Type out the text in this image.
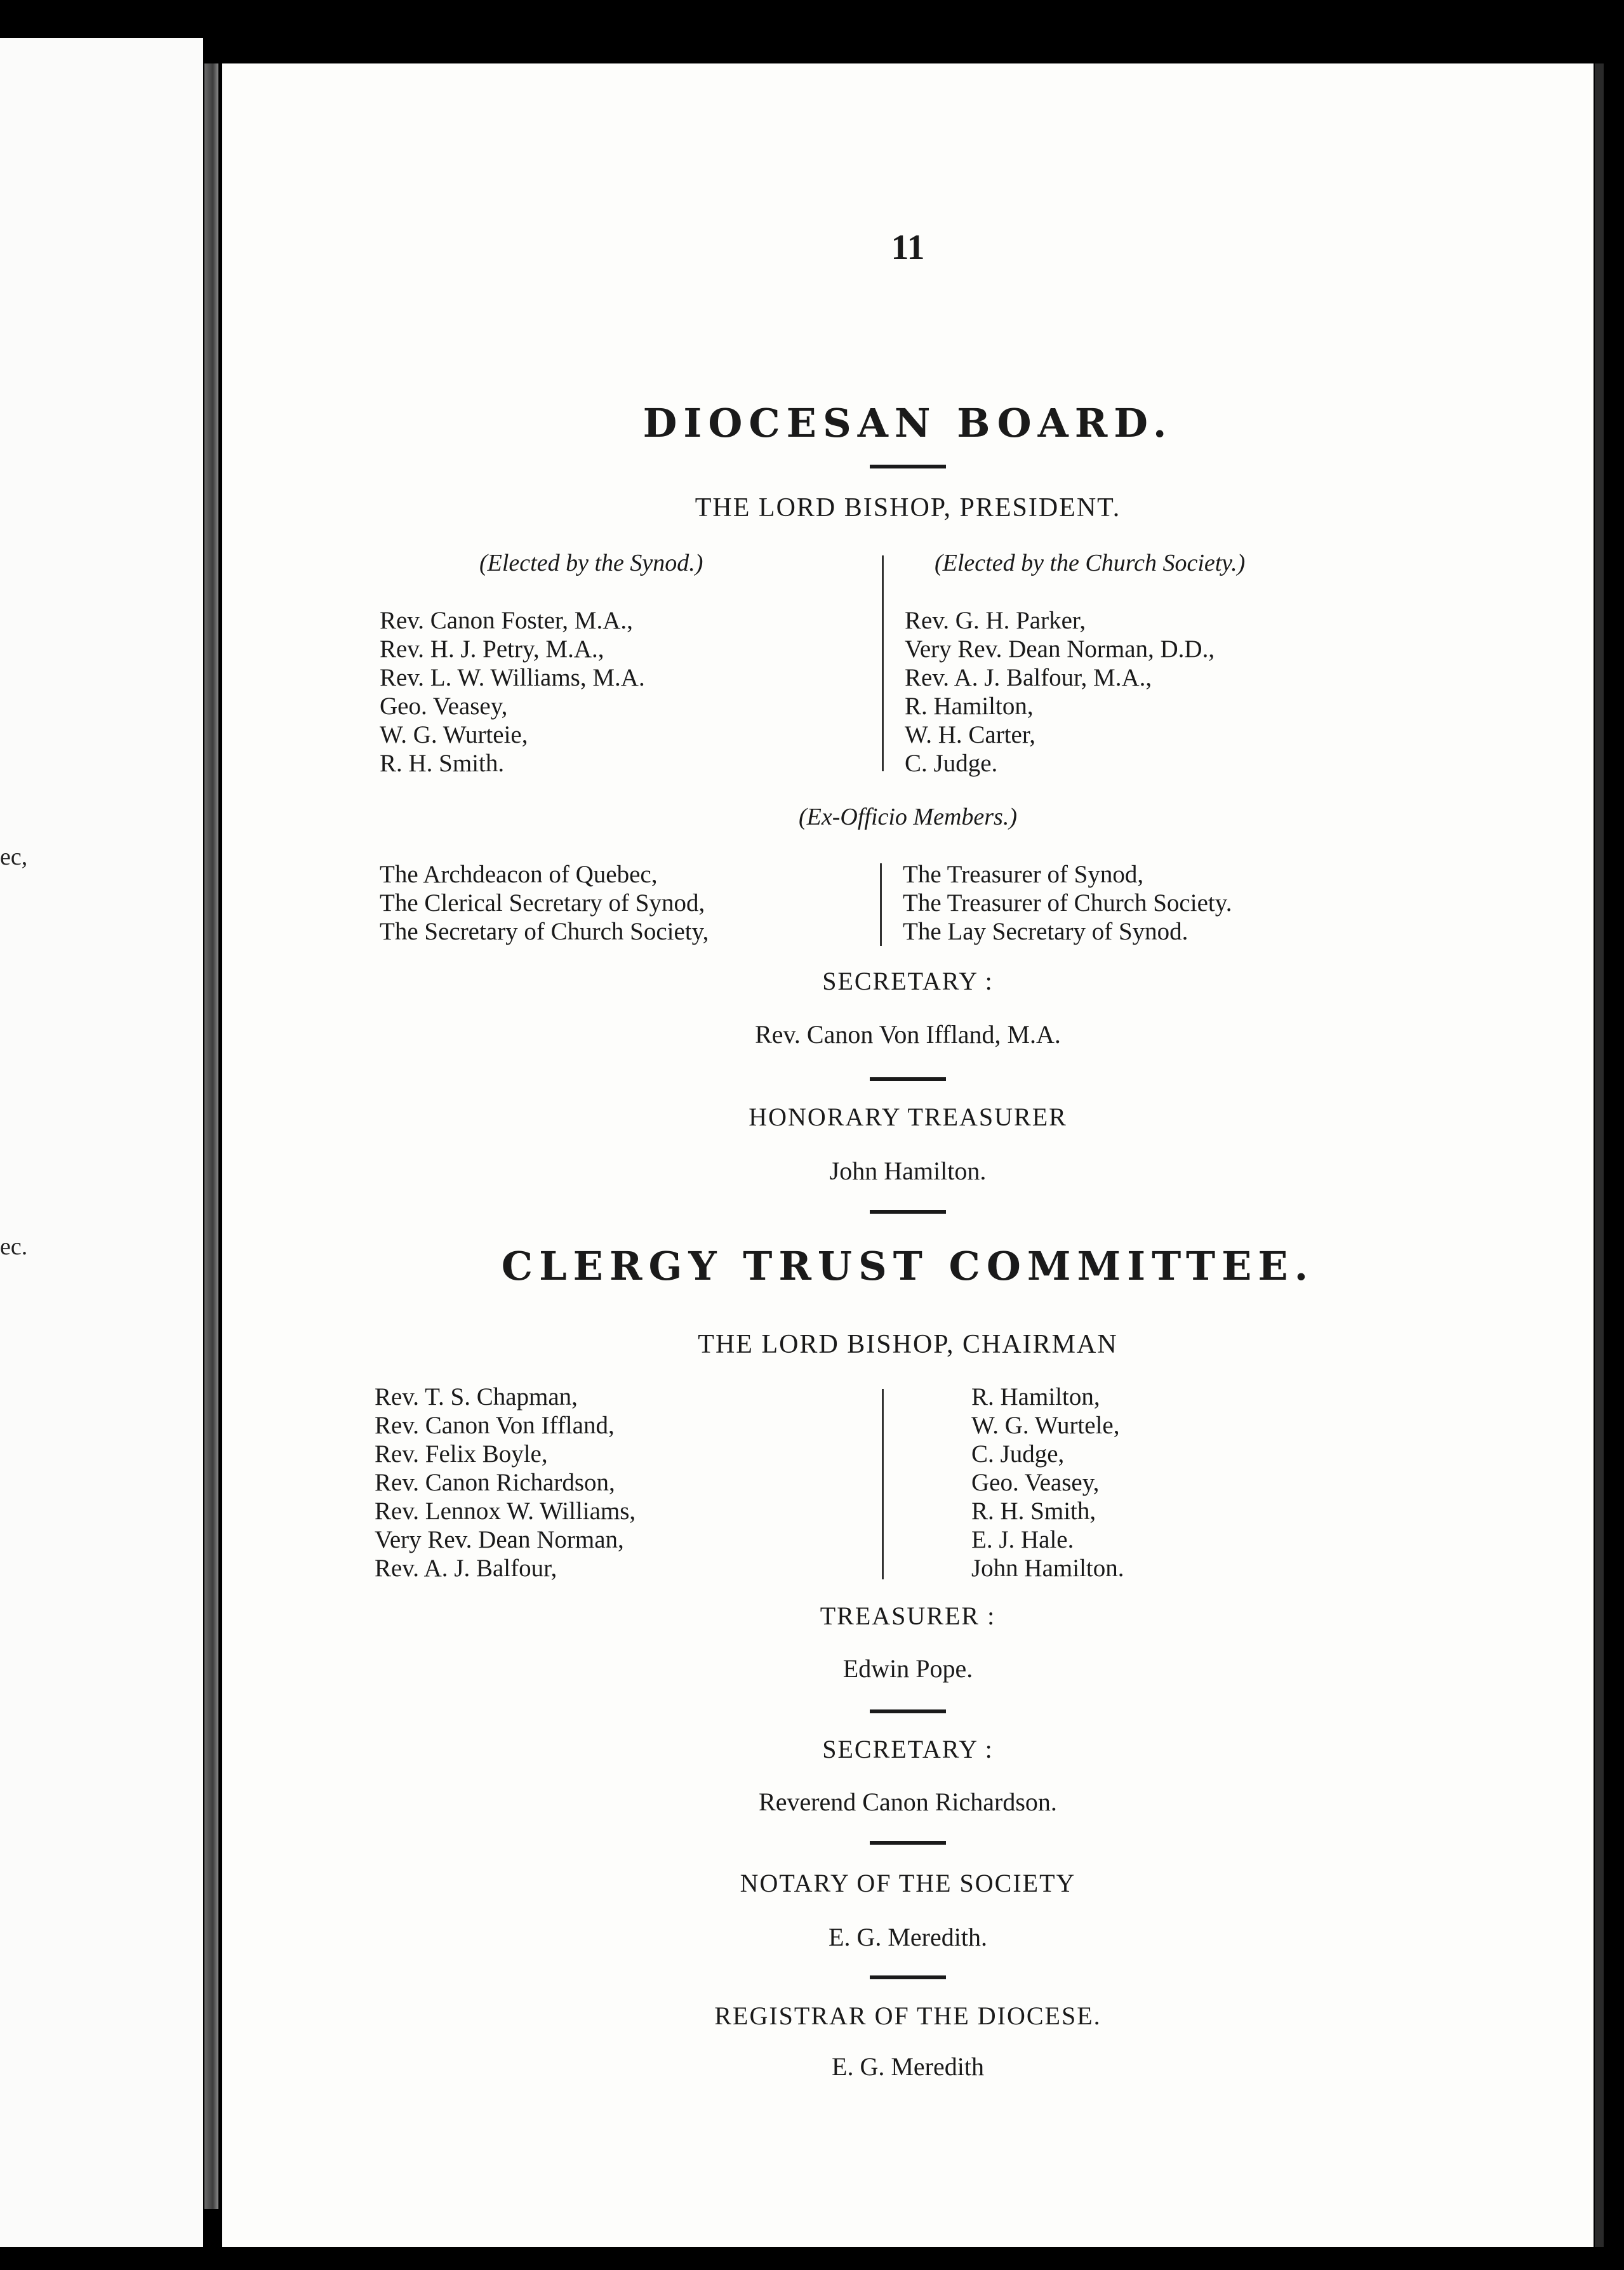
ec,
ec.
11
DIOCESAN BOARD.
THE LORD BISHOP, PRESIDENT.
(Elected by the Synod.)	(Elected by the Church Society.)
Rev. Canon Foster, M.A.,
Rev. H. J. Petry, M.A.,
Rev. L. W. Williams, M.A.
Geo. Veasey,
W. G. Wurteie,
R. H. Smith.
Rev. G. H. Parker,
Very Rev. Dean Norman, D.D.,
Rev. A. J. Balfour, M.A.,
R. Hamilton,
W. H. Carter,
C. Judge.
(Ex-Officio Members.)
The Archdeacon of Quebec,
The Clerical Secretary of Synod,
The Secretary of Church Society,
The Treasurer of Synod,
The Treasurer of Church Society.
The Lay Secretary of Synod.
SECRETARY :
Rev. Canon Von Iffland, M.A.
HONORARY TREASURER
John Hamilton.
CLERGY TRUST COMMITTEE.
THE LORD BISHOP, CHAIRMAN
Rev. T. S. Chapman,
Rev. Canon Von Iffland,
Rev. Felix Boyle,
Rev. Canon Richardson,
Rev. Lennox W. Williams,
Very Rev. Dean Norman,
Rev. A. J. Balfour,
R. Hamilton,
W. G. Wurtele,
C. Judge,
Geo. Veasey,
R. H. Smith,
E. J. Hale.
John Hamilton.
TREASURER :
Edwin Pope.
SECRETARY :
Reverend Canon Richardson.
NOTARY OF THE SOCIETY
E. G. Meredith.
REGISTRAR OF THE DIOCESE.
E. G. Meredith
